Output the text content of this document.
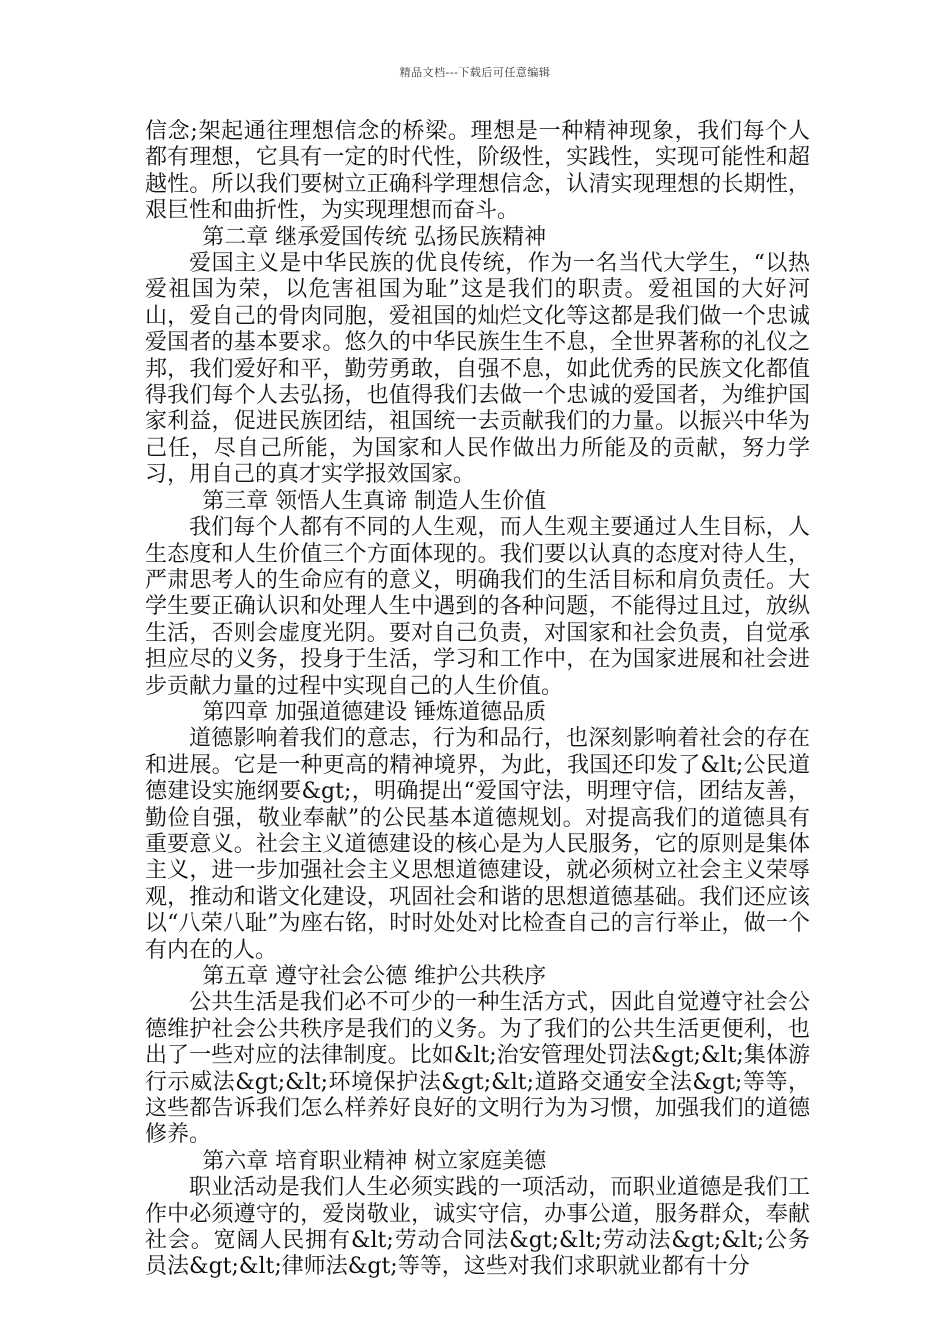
精品文档---下载后可任意编辑

信念;架起通往理想信念的桥梁。理想是一种精神现象，我们每个人都有理想，它具有一定的时代性，阶级性，实践性，实现可能性和超越性。所以我们要树立正确科学理想信念，认清实现理想的长期性，艰巨性和曲折性，为实现理想而奋斗。

第二章 继承爱国传统 弘扬民族精神

爱国主义是中华民族的优良传统，作为一名当代大学生，“以热爱祖国为荣，以危害祖国为耻”这是我们的职责。爱祖国的大好河山，爱自己的骨肉同胞，爱祖国的灿烂文化等这都是我们做一个忠诚爱国者的基本要求。悠久的中华民族生生不息，全世界著称的礼仪之邦，我们爱好和平，勤劳勇敢，自强不息，如此优秀的民族文化都值得我们每个人去弘扬，也值得我们去做一个忠诚的爱国者，为维护国家利益，促进民族团结，祖国统一去贡献我们的力量。以振兴中华为己任，尽自己所能，为国家和人民作做出力所能及的贡献，努力学习，用自己的真才实学报效国家。

第三章 领悟人生真谛 制造人生价值

我们每个人都有不同的人生观，而人生观主要通过人生目标，人生态度和人生价值三个方面体现的。我们要以认真的态度对待人生，严肃思考人的生命应有的意义，明确我们的生活目标和肩负责任。大学生要正确认识和处理人生中遇到的各种问题，不能得过且过，放纵生活，否则会虚度光阴。要对自己负责，对国家和社会负责，自觉承担应尽的义务，投身于生活，学习和工作中，在为国家进展和社会进步贡献力量的过程中实现自己的人生价值。

第四章 加强道德建设 锤炼道德品质

道德影响着我们的意志，行为和品行，也深刻影响着社会的存在和进展。它是一种更高的精神境界，为此，我国还印发了&lt;公民道德建设实施纲要&gt;，明确提出“爱国守法，明理守信，团结友善，勤俭自强，敬业奉献”的公民基本道德规划。对提高我们的道德具有重要意义。社会主义道德建设的核心是为人民服务，它的原则是集体主义，进一步加强社会主义思想道德建设，就必须树立社会主义荣辱观，推动和谐文化建设，巩固社会和谐的思想道德基础。我们还应该以“八荣八耻”为座右铭，时时处处对比检查自己的言行举止，做一个有内在的人。

第五章 遵守社会公德 维护公共秩序

公共生活是我们必不可少的一种生活方式，因此自觉遵守社会公德维护社会公共秩序是我们的义务。为了我们的公共生活更便利，也出了一些对应的法律制度。比如&lt;治安管理处罚法&gt;&lt;集体游行示威法&gt;&lt;环境保护法&gt;&lt;道路交通安全法&gt;等等，这些都告诉我们怎么样养好良好的文明行为为习惯，加强我们的道德修养。

第六章 培育职业精神 树立家庭美德

职业活动是我们人生必须实践的一项活动，而职业道德是我们工作中必须遵守的，爱岗敬业，诚实守信，办事公道，服务群众，奉献社会。宽阔人民拥有&lt;劳动合同法&gt;&lt;劳动法&gt;&lt;公务员法&gt;&lt;律师法&gt;等等，这些对我们求职就业都有十分
